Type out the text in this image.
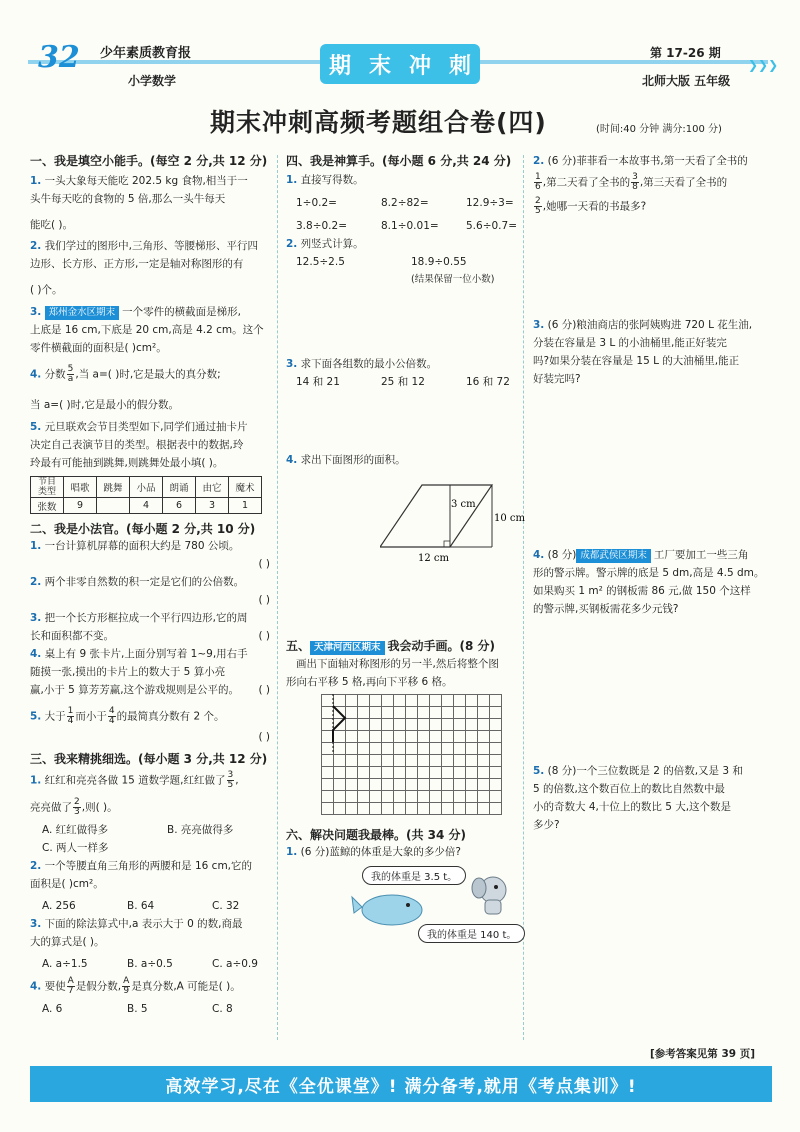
32 少年素质教育报
小学数学
期 末 冲 刺
第 17-26 期
北师大版 五年级
❯❯❯
期末冲刺高频考题组合卷(四)	(时间:40 分钟 满分:100 分)
一、我是填空小能手。(每空 2 分,共 12 分)
1. 一头大象每天能吃 202.5 kg 食物,相当于一
头牛每天吃的食物的 5 倍,那么一头牛每天

能吃( )。
2. 我们学过的图形中,三角形、等腰梯形、平行四
边形、长方形、正方形,一定是轴对称图形的有

( )个。
3. 郑州金水区期末 一个零件的横截面是梯形,
上底是 16 cm,下底是 20 cm,高是 4.2 cm。这个
零件横截面的面积是( )cm²。
4. 分数 $\frac{5}{a}$ ,当 a=( )时,它是最大的真分数;
当 a=( )时,它是最小的假分数。
5. 元旦联欢会节目类型如下,同学们通过抽卡片
决定自己表演节目的类型。根据表中的数据,玲
玲最有可能抽到跳舞,则跳舞处最小填( )。
节目
类型	唱歌	跳舞	小品	朗诵	由它	魔术
张数	9		4	6	3	1
二、我是小法官。(每小题 2 分,共 10 分)
1. 一台计算机屏幕的面积大约是 780 公顷。
( )
2. 两个非零自然数的积一定是它们的公倍数。
( )
3. 把一个长方形框拉成一个平行四边形,它的周
长和面积都不变。	( )
4. 桌上有 9 张卡片,上面分别写着 1~9,用右手
随摸一张,摸出的卡片上的数大于 5 算小亮
赢,小于 5 算芳芳赢,这个游戏规则是公平的。 ( )
5. 大于 $\frac{1}{4}$ 而小于 $\frac{4}{4}$ 的最简真分数有 2 个。
( )
三、我来精挑细选。(每小题 3 分,共 12 分)
1. 红红和亮亮各做 15 道数学题,红红做了 $\frac{3}{5}$ ,
亮亮做了 $\frac{2}{3}$ ,则( )。
A. 红红做得多	B. 亮亮做得多
C. 两人一样多
2. 一个等腰直角三角形的两腰和是 16 cm,它的
面积是( )cm²。
A. 256	B. 64	C. 32
3. 下面的除法算式中,a 表示大于 0 的数,商最
大的算式是( )。
A. a÷1.5	B. a÷0.5	C. a÷0.9
4. 要使 $\frac{A}{7}$ 是假分数, $\frac{A}{9}$ 是真分数,A 可能是( )。
A. 6	B. 5	C. 8
四、我是神算手。(每小题 6 分,共 24 分)
1. 直接写得数。
1÷0.2=	8.2÷82=	12.9÷3=
3.8÷0.2=	8.1÷0.01=	5.6÷0.7=
2. 列竖式计算。
12.5÷2.5	18.9÷0.55
(结果保留一位小数)
3. 求下面各组数的最小公倍数。
14 和 21	25 和 12	16 和 72
4. 求出下面图形的面积。
3 cm
10 cm
12 cm
五、 天津河西区期末 我会动手画。(8 分)
画出下面轴对称图形的另一半,然后将整个图
形向右平移 5 格,再向下平移 6 格。
六、解决问题我最棒。(共 34 分)
1. (6 分)蓝鲸的体重是大象的多少倍?
我的体重是 3.5 t。
我的体重是 140 t。
2. (6 分)菲菲看一本故事书,第一天看了全书的
$\frac{1}{6}$ ,第二天看了全书的 $\frac{3}{8}$ ,第三天看了全书的
$\frac{2}{5}$ ,她哪一天看的书最多?
3. (6 分)粮油商店的张阿姨购进 720 L 花生油,
分装在容量是 3 L 的小油桶里,能正好装完
吗?如果分装在容量是 15 L 的大油桶里,能正
好装完吗?
4. (8 分) 成都武侯区期末 工厂要加工一些三角
形的警示牌。警示牌的底是 5 dm,高是 4.5 dm。
如果购买 1 m² 的钢板需 86 元,做 150 个这样
的警示牌,买钢板需花多少元钱?
5. (8 分)一个三位数既是 2 的倍数,又是 3 和
5 的倍数,这个数百位上的数比自然数中最
小的奇数大 4,十位上的数比 5 大,这个数是
多少?
[参考答案见第 39 页]
高效学习,尽在《全优课堂》! 满分备考,就用《考点集训》!
